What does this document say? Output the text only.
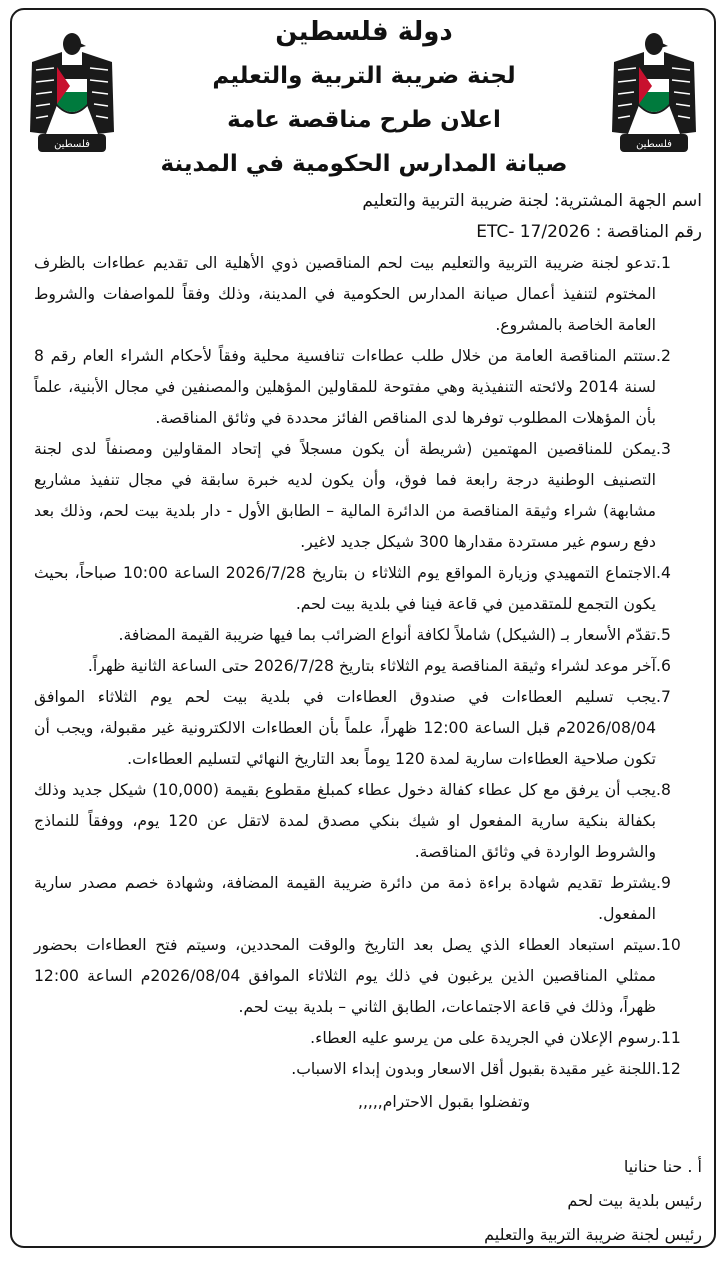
فلسطين	فلسطين
دولة فلسطين
لجنة ضريبة التربية والتعليم
اعلان طرح مناقصة عامة
صيانة المدارس الحكومية في المدينة
اسم الجهة المشترية: لجنة ضريبة التربية والتعليم
رقم المناقصة : ETC- 17/2026
.1
تدعو لجنة ضريبة التربية والتعليم بيت لحم المناقصين ذوي الأهلية الى تقديم عطاءات بالظرف المختوم لتنفيذ أعمال صيانة المدارس الحكومية في المدينة، وذلك وفقاً للمواصفات والشروط العامة الخاصة بالمشروع.
.2
ستتم المناقصة العامة من خلال طلب عطاءات تنافسية محلية وفقاً لأحكام الشراء العام رقم 8 لسنة 2014 ولائحته التنفيذية وهي مفتوحة للمقاولين المؤهلين والمصنفين في مجال الأبنية، علماً بأن المؤهلات المطلوب توفرها لدى المناقص الفائز محددة في وثائق المناقصة.
.3
يمكن للمناقصين المهتمين (شريطة أن يكون مسجلاً في إتحاد المقاولين ومصنفاً لدى لجنة التصنيف الوطنية درجة رابعة فما فوق، وأن يكون لديه خبرة سابقة في مجال تنفيذ مشاريع مشابهة) شراء وثيقة المناقصة من الدائرة المالية – الطابق الأول - دار بلدية بيت لحم، وذلك بعد دفع رسوم غير مستردة مقدارها 300 شيكل جديد لاغير.
.4
الاجتماع التمهيدي وزيارة المواقع يوم الثلاثاء ن بتاريخ 2026/7/28 الساعة 10:00 صباحاً، بحيث يكون التجمع للمتقدمين في قاعة فينا في بلدية بيت لحم.
.5
تقدّم الأسعار بـ (الشيكل) شاملاً لكافة أنواع الضرائب بما فيها ضريبة القيمة المضافة.
.6
آخر موعد لشراء وثيقة المناقصة يوم الثلاثاء بتاريخ 2026/7/28 حتى الساعة الثانية ظهراً.
.7
يجب تسليم العطاءات في صندوق العطاءات في بلدية بيت لحم يوم الثلاثاء الموافق 2026/08/04م قبل الساعة 12:00 ظهراً، علماً بأن العطاءات الالكترونية غير مقبولة، ويجب أن تكون صلاحية العطاءات سارية لمدة 120 يوماً بعد التاريخ النهائي لتسليم العطاءات.
.8
يجب أن يرفق مع كل عطاء كفالة دخول عطاء كمبلغ مقطوع بقيمة (10,000) شيكل جديد وذلك بكفالة بنكية سارية المفعول او شيك بنكي مصدق لمدة لاتقل عن 120 يوم، ووفقاً للنماذج والشروط الواردة في وثائق المناقصة.
.9
يشترط تقديم شهادة براءة ذمة من دائرة ضريبة القيمة المضافة، وشهادة خصم مصدر سارية المفعول.
.10
سيتم استبعاد العطاء الذي يصل بعد التاريخ والوقت المحددين، وسيتم فتح العطاءات بحضور ممثلي المناقصين الذين يرغبون في ذلك يوم الثلاثاء الموافق 2026/08/04م الساعة 12:00 ظهراً، وذلك في قاعة الاجتماعات، الطابق الثاني – بلدية بيت لحم.
.11
رسوم الإعلان في الجريدة على من يرسو عليه العطاء.
.12
اللجنة غير مقيدة بقبول أقل الاسعار وبدون إبداء الاسباب.
وتفضلوا بقبول الاحترام,,,,,
أ . حنا حنانيا
رئيس بلدية بيت لحم
رئيس لجنة ضريبة التربية والتعليم
